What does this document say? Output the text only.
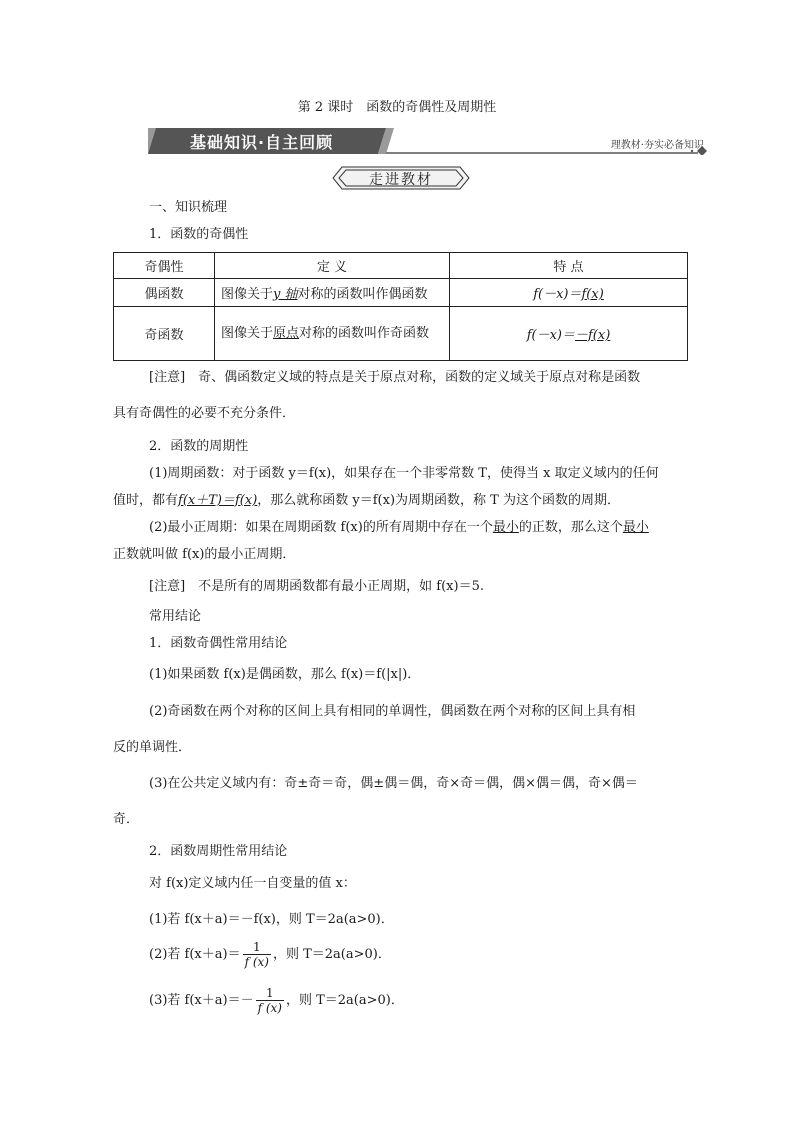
第 2 课时　函数的奇偶性及周期性
基础知识·自主回顾	理教材·夯实必备知识
走进教材

一、知识梳理

1．函数的奇偶性

奇偶性	定 义	特 点
偶函数	图像关于y 轴对称的函数叫作偶函数	f(－x)＝f(x)
奇函数	图像关于原点对称的函数叫作奇函数	f(－x)＝－f(x)

[注意]　奇、偶函数定义域的特点是关于原点对称，函数的定义域关于原点对称是函数

具有奇偶性的必要不充分条件．

2．函数的周期性

(1)周期函数：对于函数 y＝f(x)，如果存在一个非零常数 T，使得当 x 取定义域内的任何

值时，都有f(x＋T)＝f(x)，那么就称函数 y＝f(x)为周期函数，称 T 为这个函数的周期．

(2)最小正周期：如果在周期函数 f(x)的所有周期中存在一个最小的正数，那么这个最小

正数就叫做 f(x)的最小正周期．

[注意]　不是所有的周期函数都有最小正周期，如 f(x)＝5.

常用结论

1．函数奇偶性常用结论

(1)如果函数 f(x)是偶函数，那么 f(x)＝f(|x|)．

(2)奇函数在两个对称的区间上具有相同的单调性，偶函数在两个对称的区间上具有相

反的单调性．

(3)在公共定义域内有：奇±奇＝奇，偶±偶＝偶，奇×奇＝偶，偶×偶＝偶，奇×偶＝

奇．

2．函数周期性常用结论

对 f(x)定义域内任一自变量的值 x：

(1)若 f(x＋a)＝－f(x)，则 T＝2a(a>0)．

(2)若 $f(x+a)= \frac{1}{f (x)}$ ，则 T＝2a(a>0)．
(3)若 $f(x+a)=- \frac{1}{f (x)}$ ，则 T＝2a(a>0)．
